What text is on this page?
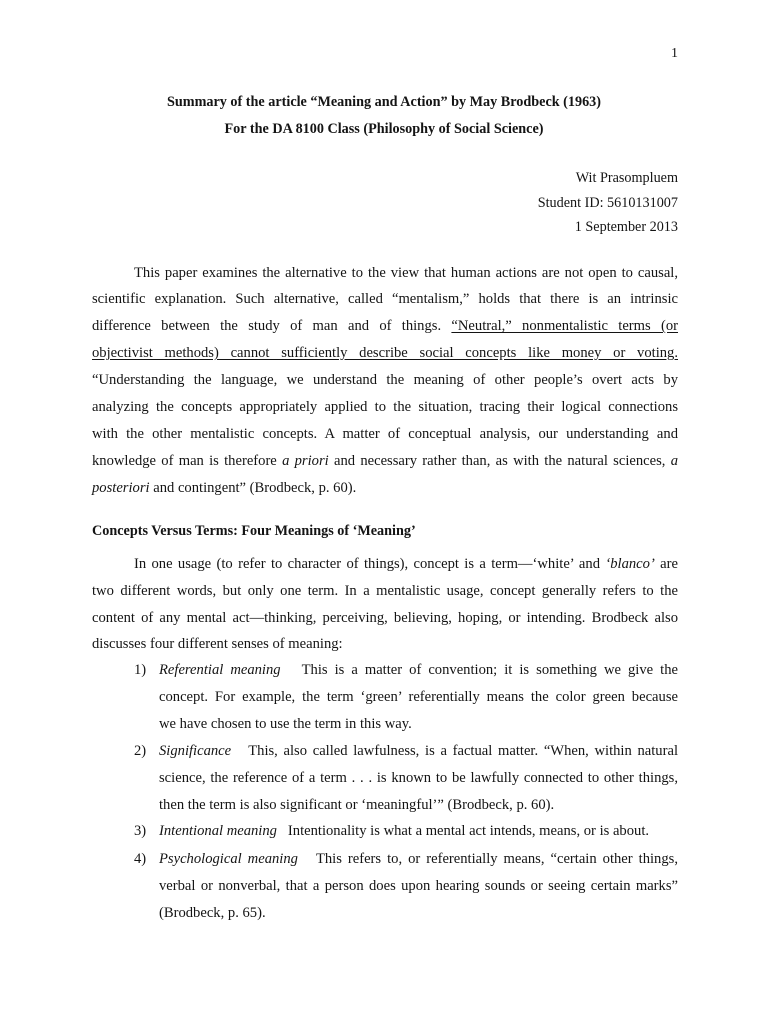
1
Summary of the article “Meaning and Action” by May Brodbeck (1963)
For the DA 8100 Class (Philosophy of Social Science)
Wit Prasompluem
Student ID: 5610131007
1 September 2013
This paper examines the alternative to the view that human actions are not open to causal,
scientific explanation. Such alternative, called “mentalism,” holds that there is an intrinsic
difference between the study of man and of things. “Neutral,” nonmentalistic terms (or
objectivist methods) cannot sufficiently describe social concepts like money or voting.
“Understanding the language, we understand the meaning of other people’s overt acts by
analyzing the concepts appropriately applied to the situation, tracing their logical connections
with the other mentalistic concepts. A matter of conceptual analysis, our understanding and
knowledge of man is therefore a priori and necessary rather than, as with the natural sciences, a
posteriori and contingent” (Brodbeck, p. 60).
Concepts Versus Terms: Four Meanings of ‘Meaning’
In one usage (to refer to character of things), concept is a term—‘white’ and ‘blanco’ are
two different words, but only one term. In a mentalistic usage, concept generally refers to the
content of any mental act—thinking, perceiving, believing, hoping, or intending. Brodbeck also
discusses four different senses of meaning:
1) Referential meaning This is a matter of convention; it is something we give the
concept. For example, the term ‘green’ referentially means the color green because
we have chosen to use the term in this way.
2) Significance This, also called lawfulness, is a factual matter. “When, within natural
science, the reference of a term . . . is known to be lawfully connected to other things,
then the term is also significant or ‘meaningful’” (Brodbeck, p. 60).
3) Intentional meaning Intentionality is what a mental act intends, means, or is about.
4) Psychological meaning This refers to, or referentially means, “certain other things,
verbal or nonverbal, that a person does upon hearing sounds or seeing certain marks”
(Brodbeck, p. 65).
